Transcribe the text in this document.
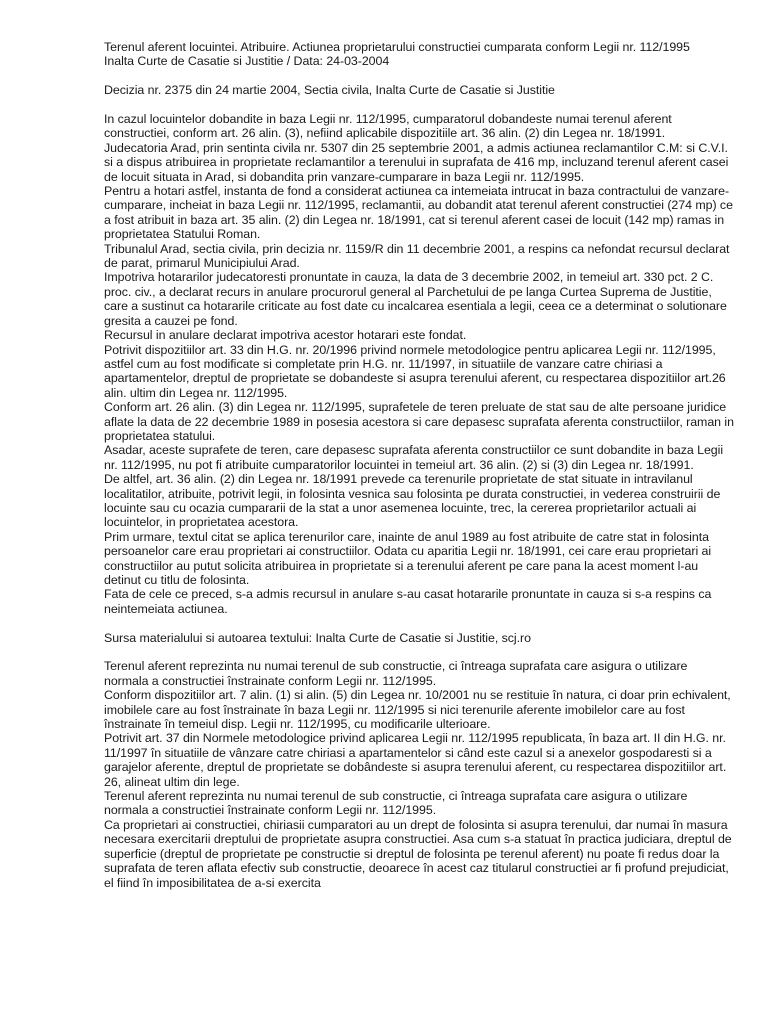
Terenul aferent locuintei. Atribuire. Actiunea proprietarului constructiei cumparata conform Legii nr. 112/1995

Inalta Curte de Casatie si Justitie / Data: 24-03-2004

Decizia nr. 2375 din 24 martie 2004, Sectia civila, Inalta Curte de Casatie si Justitie

In cazul locuintelor dobandite in baza Legii nr. 112/1995, cumparatorul dobandeste numai terenul aferent constructiei, conform art. 26 alin. (3), nefiind aplicabile dispozitiile art. 36 alin. (2) din Legea nr. 18/1991.

Judecatoria Arad, prin sentinta civila nr. 5307 din 25 septembrie 2001, a admis actiunea reclamantilor C.M: si C.V.I. si a dispus atribuirea in proprietate reclamantilor a terenului in suprafata de 416 mp, incluzand terenul aferent casei de locuit situata in Arad, si dobandita prin vanzare-cumparare in baza Legii nr. 112/1995.

Pentru a hotari astfel, instanta de fond a considerat actiunea ca intemeiata intrucat in baza contractului de vanzare-cumparare, incheiat in baza Legii nr. 112/1995, reclamantii, au dobandit atat terenul aferent constructiei (274 mp) ce a fost atribuit in baza art. 35 alin. (2) din Legea nr. 18/1991, cat si terenul aferent casei de locuit (142 mp) ramas in proprietatea Statului Roman.

Tribunalul Arad, sectia civila, prin decizia nr. 1159/R din 11 decembrie 2001, a respins ca nefondat recursul declarat de parat, primarul Municipiului Arad.

Impotriva hotararilor judecatoresti pronuntate in cauza, la data de 3 decembrie 2002, in temeiul art. 330 pct. 2 C. proc. civ., a declarat recurs in anulare procurorul general al Parchetului de pe langa Curtea Suprema de Justitie, care a sustinut ca hotararile criticate au fost date cu incalcarea esentiala a legii, ceea ce a determinat o solutionare gresita a cauzei pe fond.

Recursul in anulare declarat impotriva acestor hotarari este fondat.

Potrivit dispozitiilor art. 33 din H.G. nr. 20/1996 privind normele metodologice pentru aplicarea Legii nr. 112/1995, astfel cum au fost modificate si completate prin H.G. nr. 11/1997, in situatiile de vanzare catre chiriasi a apartamentelor, dreptul de proprietate se dobandeste si asupra terenului aferent, cu respectarea dispozitiilor art.26 alin. ultim din Legea nr. 112/1995.

Conform art. 26 alin. (3) din Legea nr. 112/1995, suprafetele de teren preluate de stat sau de alte persoane juridice aflate la data de 22 decembrie 1989 in posesia acestora si care depasesc suprafata aferenta constructiilor, raman in proprietatea statului.

Asadar, aceste suprafete de teren, care depasesc suprafata aferenta constructiilor ce sunt dobandite in baza Legii nr. 112/1995, nu pot fi atribuite cumparatorilor locuintei in temeiul art. 36 alin. (2) si (3) din Legea nr. 18/1991.

De altfel, art. 36 alin. (2) din Legea nr. 18/1991 prevede ca terenurile proprietate de stat situate in intravilanul localitatilor, atribuite, potrivit legii, in folosinta vesnica sau folosinta pe durata constructiei, in vederea construirii de locuinte sau cu ocazia cumpararii de la stat a unor asemenea locuinte, trec, la cererea proprietarilor actuali ai locuintelor, in proprietatea acestora.

Prim urmare, textul citat se aplica terenurilor care, inainte de anul 1989 au fost atribuite de catre stat in folosinta persoanelor care erau proprietari ai constructiilor. Odata cu aparitia Legii nr. 18/1991, cei care erau proprietari ai constructiilor au putut solicita atribuirea in proprietate si a terenului aferent pe care pana la acest moment l-au detinut cu titlu de folosinta.

Fata de cele ce preced, s-a admis recursul in anulare s-au casat hotararile pronuntate in cauza si s-a respins ca neintemeiata actiunea.

Sursa materialului si autoarea textului: Inalta Curte de Casatie si Justitie, scj.ro

Terenul aferent reprezinta nu numai terenul de sub constructie, ci întreaga suprafata care asigura o utilizare normala a constructiei înstrainate conform Legii nr. 112/1995.

Conform dispozitiilor art. 7 alin. (1) si alin. (5) din Legea nr. 10/2001 nu se restituie în natura, ci doar prin echivalent, imobilele care au fost înstrainate în baza Legii nr. 112/1995 si nici terenurile aferente imobilelor care au fost înstrainate în temeiul disp. Legii nr. 112/1995, cu modificarile ulterioare.

Potrivit art. 37 din Normele metodologice privind aplicarea Legii nr. 112/1995 republicata, în baza art. II din H.G. nr. 11/1997 în situatiile de vânzare catre chiriasi a apartamentelor si când este cazul si a anexelor gospodaresti si a garajelor aferente, dreptul de proprietate se dobândeste si asupra terenului aferent, cu respectarea dispozitiilor art. 26, alineat ultim din lege.

Terenul aferent reprezinta nu numai terenul de sub constructie, ci întreaga suprafata care asigura o utilizare normala a constructiei înstrainate conform Legii nr. 112/1995.

Ca proprietari ai constructiei, chiriasii cumparatori au un drept de folosinta si asupra terenului, dar numai în masura necesara exercitarii dreptului de proprietate asupra constructiei. Asa cum s-a statuat în practica judiciara, dreptul de superficie (dreptul de proprietate pe constructie si dreptul de folosinta pe terenul aferent) nu poate fi redus doar la suprafata de teren aflata efectiv sub constructie, deoarece în acest caz titularul constructiei ar fi profund prejudiciat, el fiind în imposibilitatea de a-si exercita
